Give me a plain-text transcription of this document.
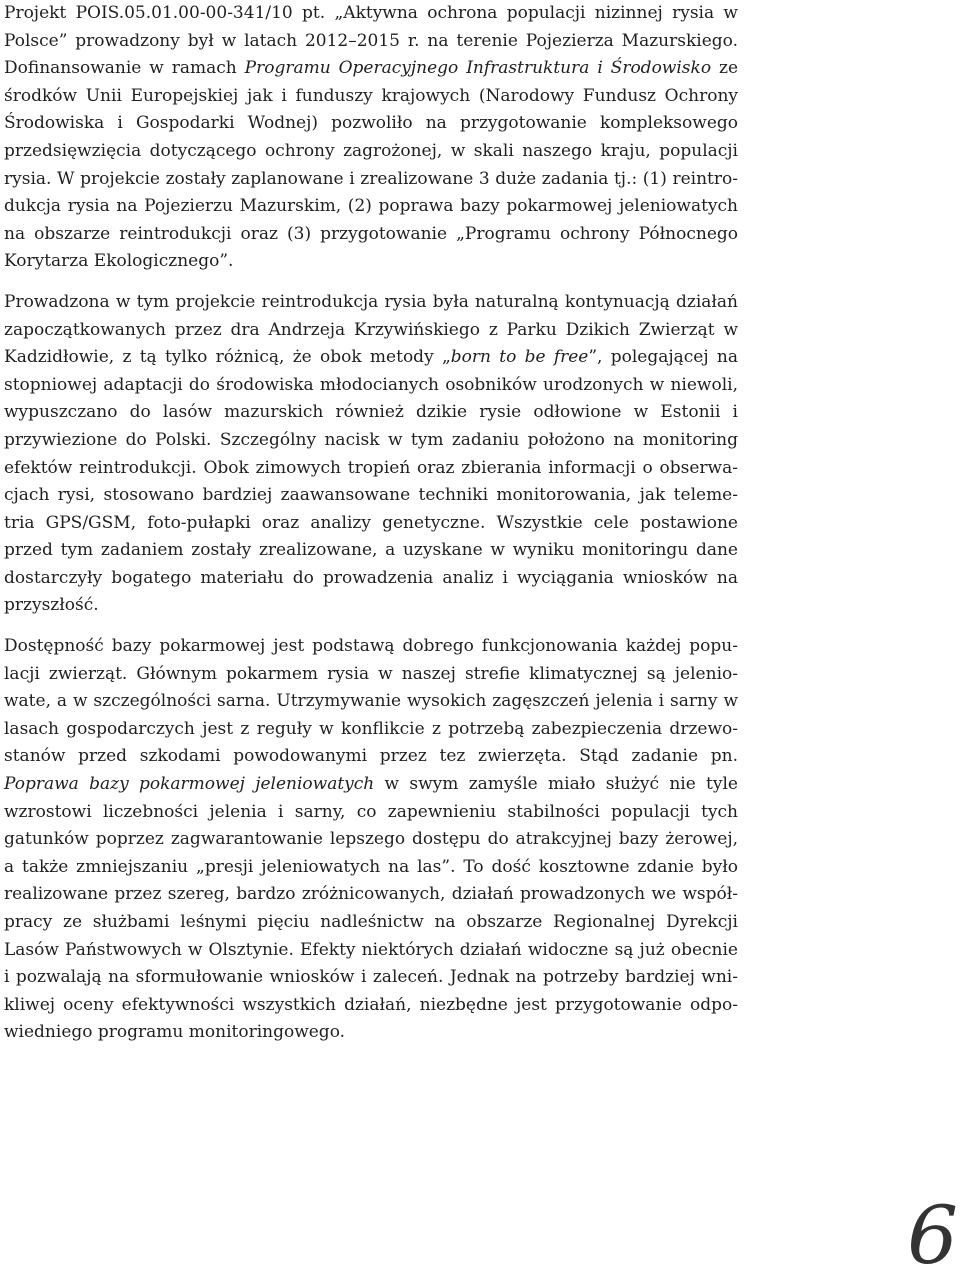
Projekt POIS.05.01.00-00-341/10 pt. „Aktywna ochrona populacji nizinnej rysia w Polsce” prowadzony był w latach 2012–2015 r. na terenie Pojezierza Mazurskiego. Dofinansowanie w ramach Programu Operacyjnego Infrastruktura i Środowisko ze środków Unii Europejskiej jak i funduszy krajowych (Narodowy Fundusz Ochrony Środowiska i Gospodarki Wodnej) pozwoliło na przygotowanie kompleksowego przedsięwzięcia dotyczącego ochrony zagrożonej, w skali naszego kraju, populacji rysia. W projekcie zostały zaplanowane i zrealizowane 3 duże zadania tj.: (1) reintrodukcja rysia na Pojezierzu Mazurskim, (2) poprawa bazy pokarmowej jeleniowatych na obszarze reintrodukcji oraz (3) przygotowanie „Programu ochrony Północnego Korytarza Ekologicznego”.

Prowadzona w tym projekcie reintrodukcja rysia była naturalną kontynuacją działań zapoczątkowanych przez dra Andrzeja Krzywińskiego z Parku Dzikich Zwierząt w Kadzidłowie, z tą tylko różnicą, że obok metody „born to be free”, polegającej na stopniowej adaptacji do środowiska młodocianych osobników urodzonych w niewoli, wypuszczano do lasów mazurskich również dzikie rysie odłowione w Estonii i przywiezione do Polski. Szczególny nacisk w tym zadaniu położono na monitoring efektów reintrodukcji. Obok zimowych tropień oraz zbierania informacji o obserwacjach rysi, stosowano bardziej zaawansowane techniki monitorowania, jak telemetria GPS/GSM, foto-pułapki oraz analizy genetyczne. Wszystkie cele postawione przed tym zadaniem zostały zrealizowane, a uzyskane w wyniku monitoringu dane dostarczyły bogatego materiału do prowadzenia analiz i wyciągania wniosków na przyszłość.

Dostępność bazy pokarmowej jest podstawą dobrego funkcjonowania każdej populacji zwierząt. Głównym pokarmem rysia w naszej strefie klimatycznej są jeleniowate, a w szczególności sarna. Utrzymywanie wysokich zagęszczeń jelenia i sarny w lasach gospodarczych jest z reguły w konflikcie z potrzebą zabezpieczenia drzewostanów przed szkodami powodowanymi przez tez zwierzęta. Stąd zadanie pn. Poprawa bazy pokarmowej jeleniowatych w swym zamyśle miało służyć nie tyle wzrostowi liczebności jelenia i sarny, co zapewnieniu stabilności populacji tych gatunków poprzez zagwarantowanie lepszego dostępu do atrakcyjnej bazy żerowej, a także zmniejszaniu „presji jeleniowatych na las”. To dość kosztowne zdanie było realizowane przez szereg, bardzo zróżnicowanych, działań prowadzonych we współpracy ze służbami leśnymi pięciu nadleśnictw na obszarze Regionalnej Dyrekcji Lasów Państwowych w Olsztynie. Efekty niektórych działań widoczne są już obecnie i pozwalają na sformułowanie wniosków i zaleceń. Jednak na potrzeby bardziej wnikliwej oceny efektywności wszystkich działań, niezbędne jest przygotowanie odpowiedniego programu monitoringowego.

6
